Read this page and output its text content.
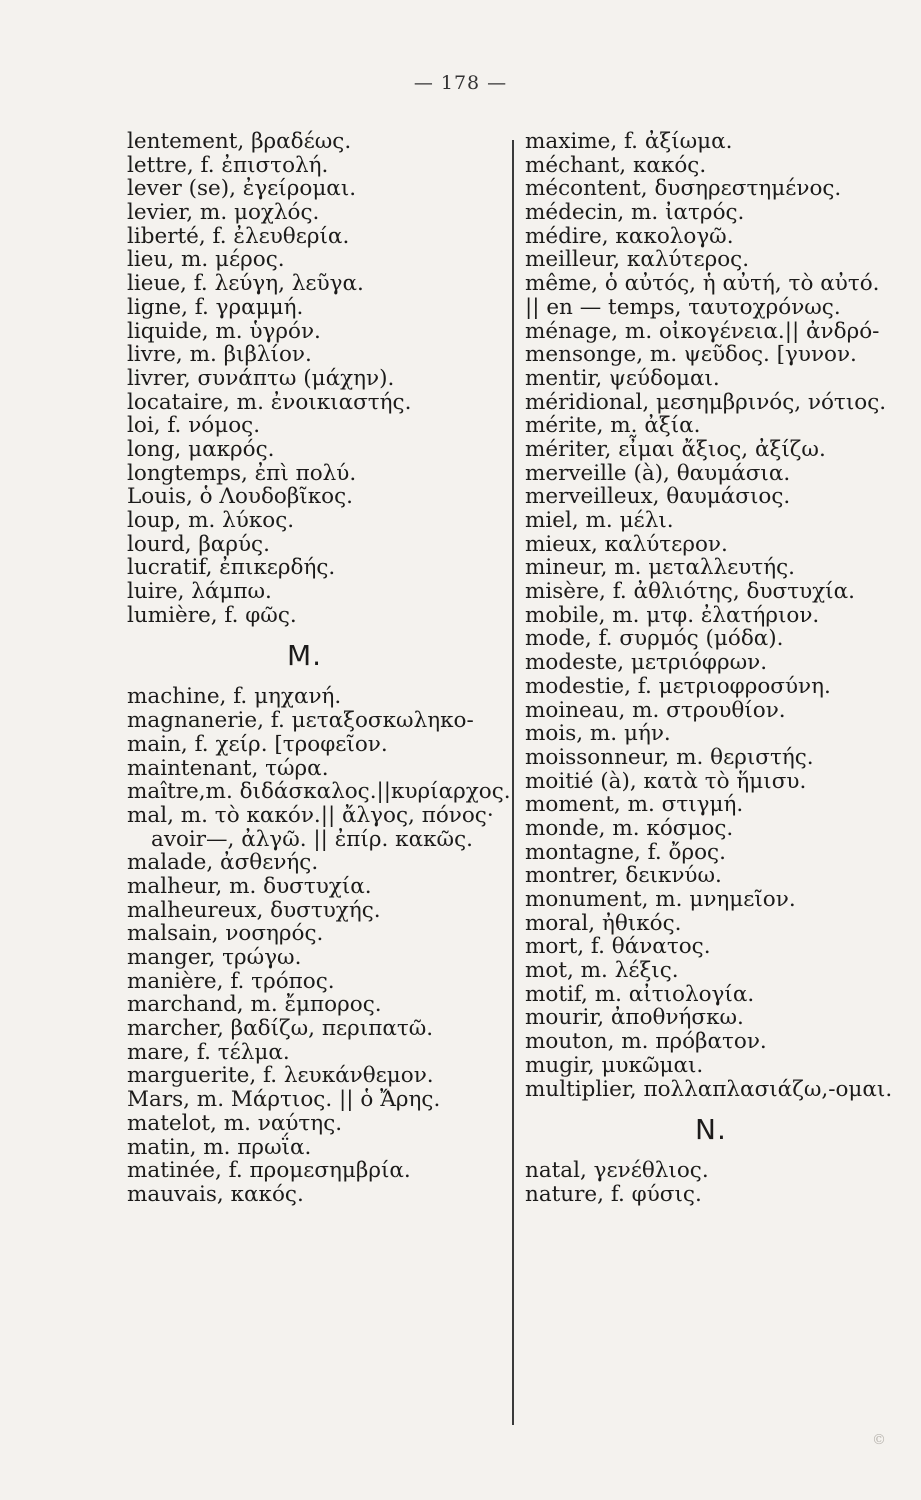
— 178 —
lentement, βραδέως.
lettre, f. ἐπιστολή.
lever (se), ἐγείρομαι.
levier, m. μοχλός.
liberté, f. ἐλευθερία.
lieu, m. μέρος.
lieue, f. λεύγη, λεῦγα.
ligne, f. γραμμή.
liquide, m. ὑγρόν.
livre, m. βιβλίον.
livrer, συνάπτω (μάχην).
locataire, m. ἐνοικιαστής.
loi, f. νόμος.
long, μακρός.
longtemps, ἐπὶ πολύ.
Louis, ὁ Λουδοβῖκος.
loup, m. λύκος.
lourd, βαρύς.
lucratif, ἐπικερδής.
luire, λάμπω.
lumière, f. φῶς.
M.
machine, f. μηχανή.
magnanerie, f. μεταξοσκωληκο-
main, f. χείρ. [τροφεῖον.
maintenant, τώρα.
maître,m. διδάσκαλος.||κυρίαρχος.
mal, m. τὸ κακόν.|| ἄλγος, πόνος·
avoir—, ἀλγῶ. || ἐπίρ. κακῶς.
malade, ἀσθενής.
malheur, m. δυστυχία.
malheureux, δυστυχής.
malsain, νοσηρός.
manger, τρώγω.
manière, f. τρόπος.
marchand, m. ἔμπορος.
marcher, βαδίζω, περιπατῶ.
mare, f. τέλμα.
marguerite, f. λευκάνθεμον.
Mars, m. Μάρτιος. || ὁ Ἄρης.
matelot, m. ναύτης.
matin, m. πρωΐα.
matinée, f. προμεσημβρία.
mauvais, κακός.
maxime, f. ἀξίωμα.
méchant, κακός.
mécontent, δυσηρεστημένος.
médecin, m. ἰατρός.
médire, κακολογῶ.
meilleur, καλύτερος.
même, ὁ αὐτός, ἡ αὐτή, τὸ αὐτό.
|| en — temps, ταυτοχρόνως.
ménage, m. οἰκογένεια.|| ἀνδρό-
mensonge, m. ψεῦδος. [γυνον.
mentir, ψεύδομαι.
méridional, μεσημβρινός, νότιος.
mérite, m. ἀξία.
mériter, εἶμαι ἄξιος, ἀξίζω.
merveille (à), θαυμάσια.
merveilleux, θαυμάσιος.
miel, m. μέλι.
mieux, καλύτερον.
mineur, m. μεταλλευτής.
misère, f. ἀθλιότης, δυστυχία.
mobile, m. μτφ. ἐλατήριον.
mode, f. συρμός (μόδα).
modeste, μετριόφρων.
modestie, f. μετριοφροσύνη.
moineau, m. στρουθίον.
mois, m. μήν.
moissonneur, m. θεριστής.
moitié (à), κατὰ τὸ ἥμισυ.
moment, m. στιγμή.
monde, m. κόσμος.
montagne, f. ὄρος.
montrer, δεικνύω.
monument, m. μνημεῖον.
moral, ἠθικός.
mort, f. θάνατος.
mot, m. λέξις.
motif, m. αἰτιολογία.
mourir, ἀποθνήσκω.
mouton, m. πρόβατον.
mugir, μυκῶμαι.
multiplier, πολλαπλασιάζω,-ομαι.
N.
natal, γενέθλιος.
nature, f. φύσις.
©
